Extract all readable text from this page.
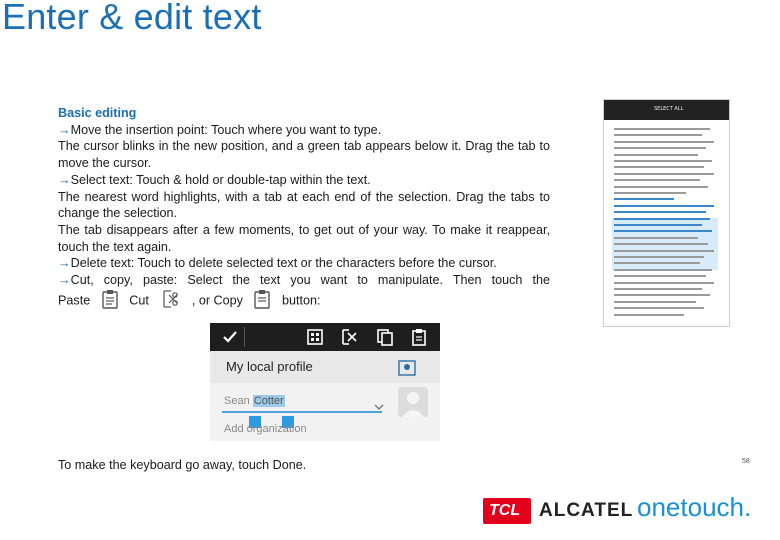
Enter & edit text
Basic editing
→Move the insertion point: Touch where you want to type.
The cursor blinks in the new position, and a green tab appears below it. Drag the tab to move the cursor.
→Select text: Touch & hold or double-tap within the text.
The nearest word highlights, with a tab at each end of the selection. Drag the tabs to change the selection.
The tab disappears after a few moments, to get out of your way. To make it reappear, touch the text again.
→Delete text: Touch to delete selected text or the characters before the cursor.
→Cut, copy, paste: Select the text you want to manipulate. Then touch the
Paste	Cut	, or Copy	button:
My local profile
Sean Cotter
Add organization
SELECT ALL
To make the keyboard go away, touch Done.	58
TCL ALCATEL onetouch.
